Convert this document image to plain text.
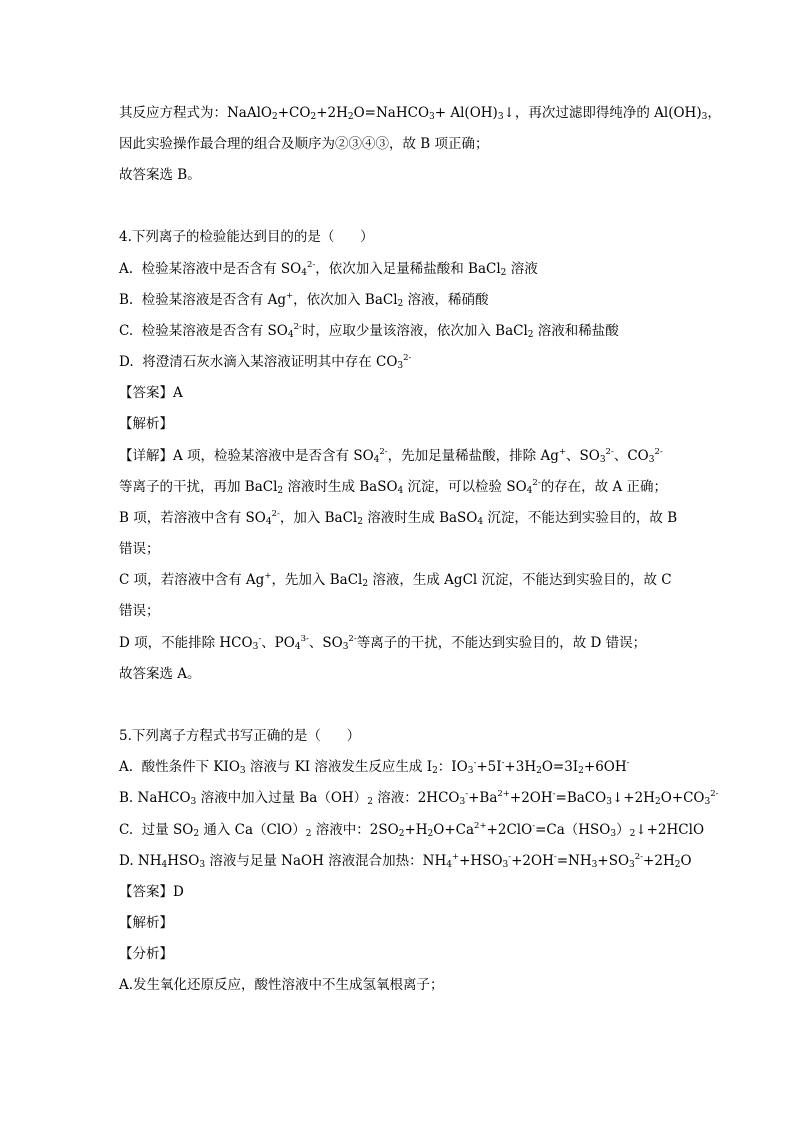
其反应方程式为：$NaAlO_2+CO_2+2H_2O=NaHCO_3+$ $Al(OH)_3↓$，再次过滤即得纯净的 $Al(OH)_3$，
因此实验操作最合理的组合及顺序为②③④③，故 B 项正确；
故答案选 B。
4.下列离子的检验能达到目的的是（      ）
A.  检验某溶液中是否含有 $SO_4^{2-}$，依次加入足量稀盐酸和 BaCl$_2$ 溶液
B.  检验某溶液是否含有 Ag+，依次加入 BaCl$_2$ 溶液，稀硝酸
C.  检验某溶液是否含有 $SO_4^{2-}$时，应取少量该溶液，依次加入 BaCl$_2$ 溶液和稀盐酸
D.  将澄清石灰水滴入某溶液证明其中存在 $CO_3^{2-}$
【答案】A
【解析】
【详解】A 项，检验某溶液中是否含有 $SO_4^{2-}$，先加足量稀盐酸，排除 Ag+、$SO_3^{2-}$、$CO_3^{2-}$
等离子的干扰，再加 BaCl$_2$ 溶液时生成 BaSO$_4$ 沉淀，可以检验 $SO_4^{2-}$的存在，故 A 正确；
B 项，若溶液中含有 $SO_4^{2-}$，加入 BaCl$_2$ 溶液时生成 BaSO$_4$ 沉淀，不能达到实验目的，故 B
错误；
C 项，若溶液中含有 Ag+，先加入 BaCl$_2$ 溶液，生成 AgCl 沉淀，不能达到实验目的，故 C
错误；
D 项，不能排除 $HCO_3^-$、$PO_4^{3-}$、$SO_3^{2-}$等离子的干扰，不能达到实验目的，故 D 错误；
故答案选 A。
5.下列离子方程式书写正确的是（      ）
A.  酸性条件下 $KIO_3$ 溶液与 KI 溶液发生反应生成 $I_2$：$IO_3^-+5I^-+3H_2O=3I_2+6OH^-$
B. NaHCO$_3$ 溶液中加入过量 $Ba(OH)_2$ 溶液：$2HCO_3^-+Ba^{2+}+2OH^-=BaCO_3↓+2H_2O+CO_3^{2-}$
C.  过量 $SO_2$ 通入 $Ca(ClO)_2$ 溶液中：$2SO_2+H_2O+Ca^{2+}+2ClO^-=Ca(HSO_3)_2↓+2HClO$
D. $NH_4HSO_3$ 溶液与足量 NaOH 溶液混合加热：$NH_4^++HSO_3^-+2OH^-=NH_3+SO_3^{2-}+2H_2O$
【答案】D
【解析】
【分析】
A.发生氧化还原反应，酸性溶液中不生成氢氧根离子；
